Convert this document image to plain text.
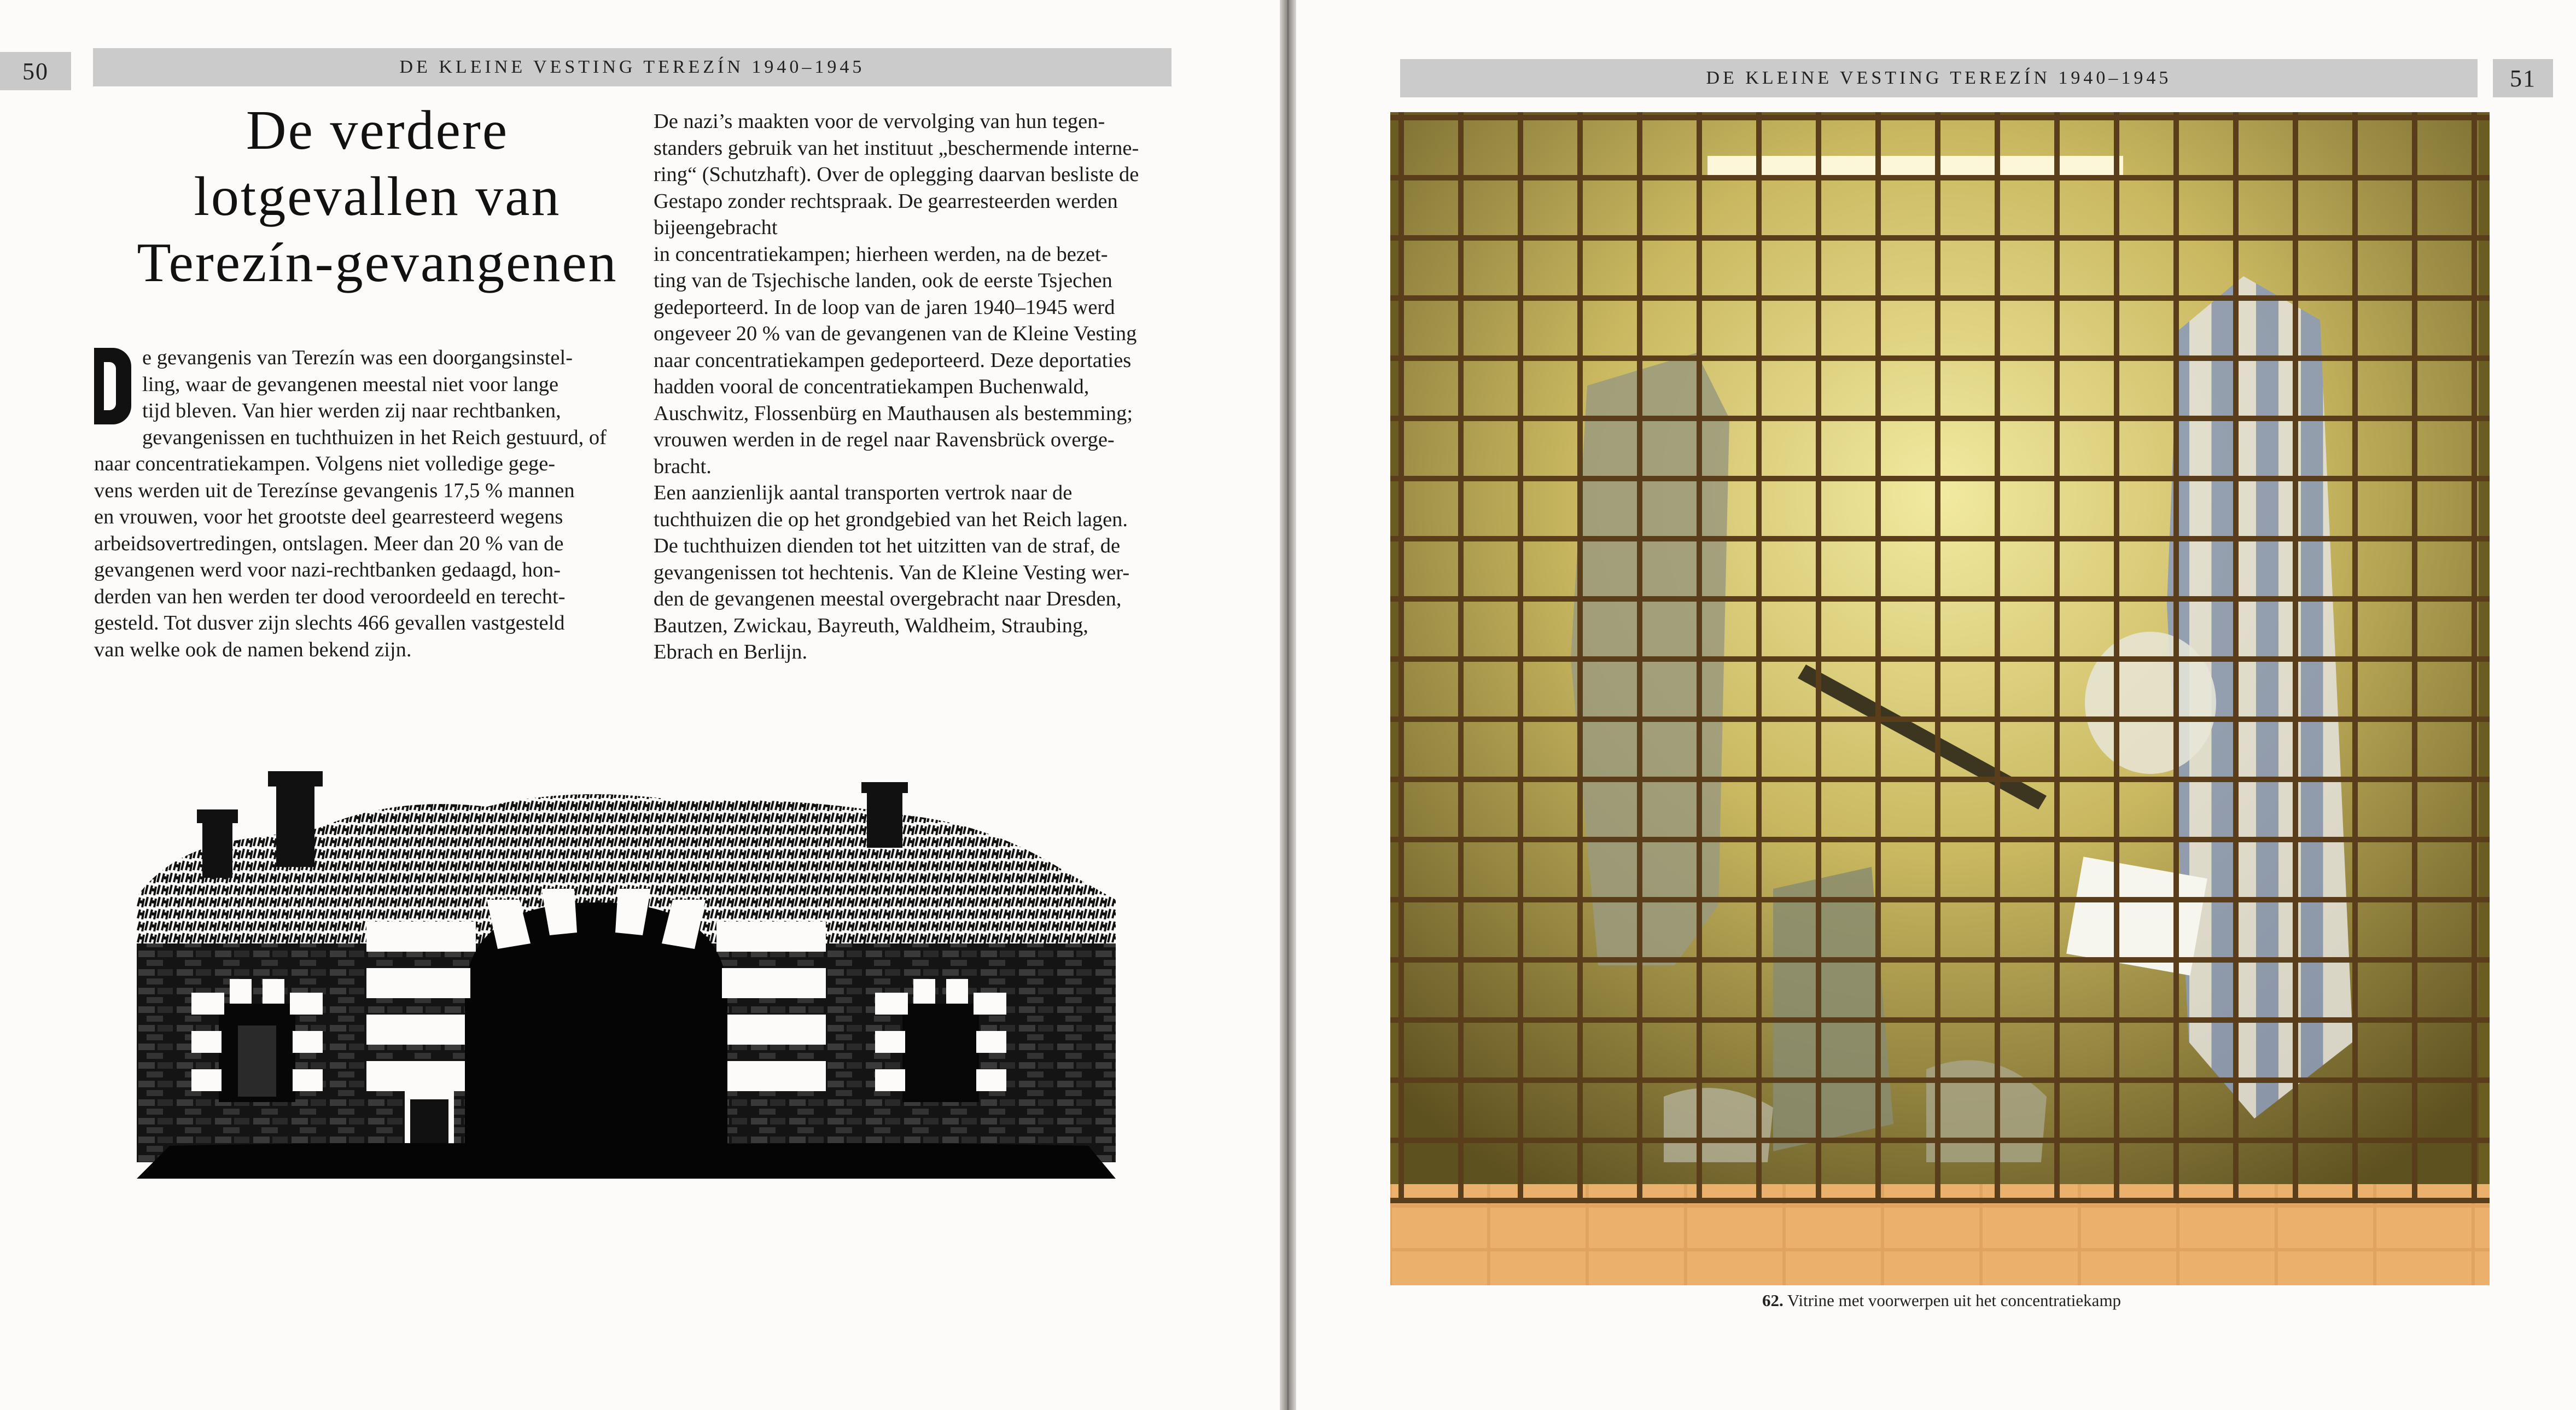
50	DE KLEINE VESTING TEREZÍN 1940–1945
De verdere
lotgevallen van
Terezín-gevangenen

e gevangenis van Terezín was een doorgangsinstel-
ling, waar de gevangenen meestal niet voor lange
tijd bleven. Van hier werden zij naar rechtbanken,
gevangenissen en tuchthuizen in het Reich gestuurd, of
naar concentratiekampen. Volgens niet volledige gege-
vens werden uit de Terezínse gevangenis 17,5 % mannen
en vrouwen, voor het grootste deel gearresteerd wegens
arbeidsovertredingen, ontslagen. Meer dan 20 % van de
gevangenen werd voor nazi-rechtbanken gedaagd, hon-
derden van hen werden ter dood veroordeeld en terecht-
gesteld. Tot dusver zijn slechts 466 gevallen vastgesteld
van welke ook de namen bekend zijn.

De nazi’s maakten voor de vervolging van hun tegen-
standers gebruik van het instituut „beschermende interne-
ring“ (Schutzhaft). Over de oplegging daarvan besliste de
Gestapo zonder rechtspraak. De gearresteerden werden
bijeengebracht
in concentratiekampen; hierheen werden, na de bezet-
ting van de Tsjechische landen, ook de eerste Tsjechen
gedeporteerd. In de loop van de jaren 1940–1945 werd
ongeveer 20 % van de gevangenen van de Kleine Vesting
naar concentratiekampen gedeporteerd. Deze deportaties
hadden vooral de concentratiekampen Buchenwald,
Auschwitz, Flossenbürg en Mauthausen als bestemming;
vrouwen werden in de regel naar Ravensbrück overge-
bracht.
Een aanzienlijk aantal transporten vertrok naar de
tuchthuizen die op het grondgebied van het Reich lagen.
De tuchthuizen dienden tot het uitzitten van de straf, de
gevangenissen tot hechtenis. Van de Kleine Vesting wer-
den de gevangenen meestal overgebracht naar Dresden,
Bautzen, Zwickau, Bayreuth, Waldheim, Straubing,
Ebrach en Berlijn.

DE KLEINE VESTING TEREZÍN 1940–1945	51
62. Vitrine met voorwerpen uit het concentratiekamp
